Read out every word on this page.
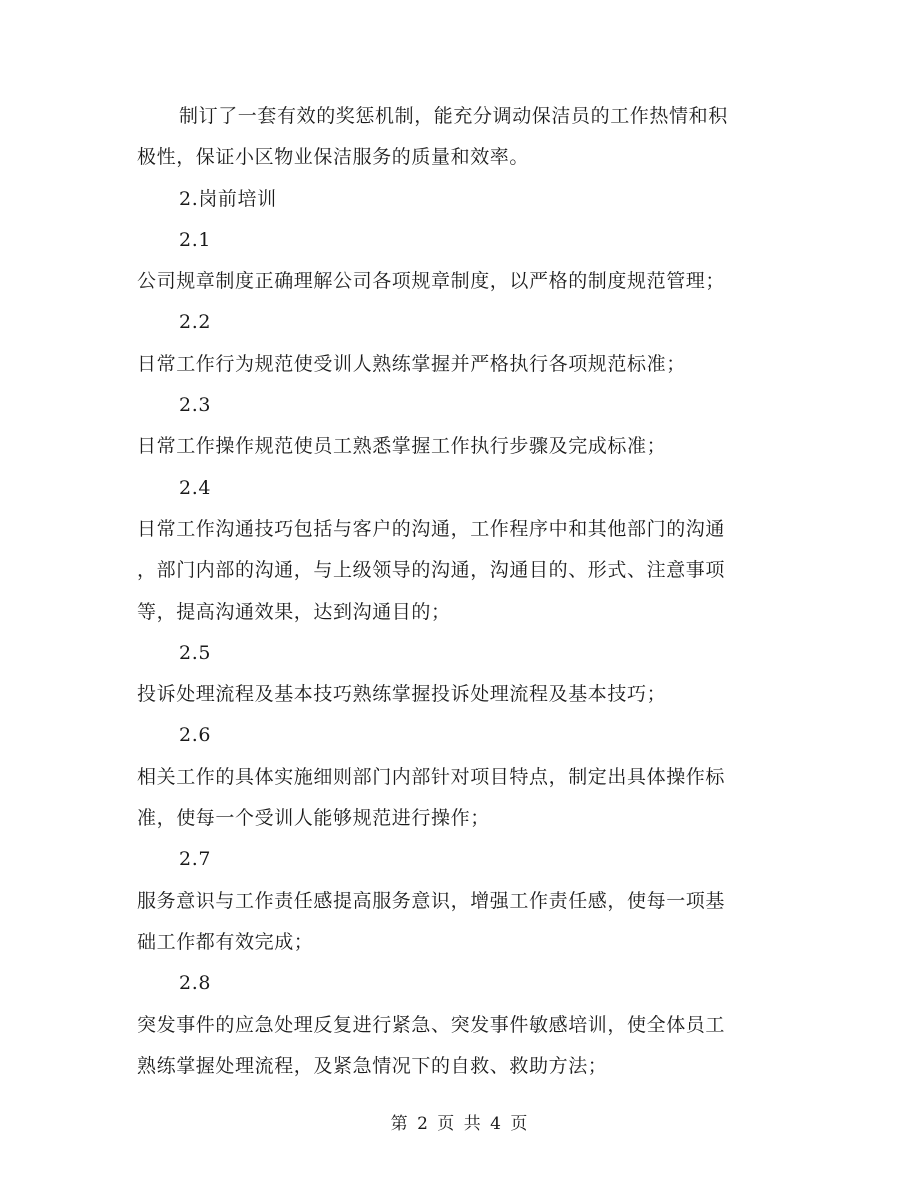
制订了一套有效的奖惩机制，能充分调动保洁员的工作热情和积
极性，保证小区物业保洁服务的质量和效率。
2.岗前培训
2.1
公司规章制度正确理解公司各项规章制度，以严格的制度规范管理；
2.2
日常工作行为规范使受训人熟练掌握并严格执行各项规范标准；
2.3
日常工作操作规范使员工熟悉掌握工作执行步骤及完成标准；
2.4
日常工作沟通技巧包括与客户的沟通，工作程序中和其他部门的沟通
，部门内部的沟通，与上级领导的沟通，沟通目的、形式、注意事项
等，提高沟通效果，达到沟通目的；
2.5
投诉处理流程及基本技巧熟练掌握投诉处理流程及基本技巧；
2.6
相关工作的具体实施细则部门内部针对项目特点，制定出具体操作标
准，使每一个受训人能够规范进行操作；
2.7
服务意识与工作责任感提高服务意识，增强工作责任感，使每一项基
础工作都有效完成；
2.8
突发事件的应急处理反复进行紧急、突发事件敏感培训，使全体员工
熟练掌握处理流程，及紧急情况下的自救、救助方法；
第 2 页 共 4 页
